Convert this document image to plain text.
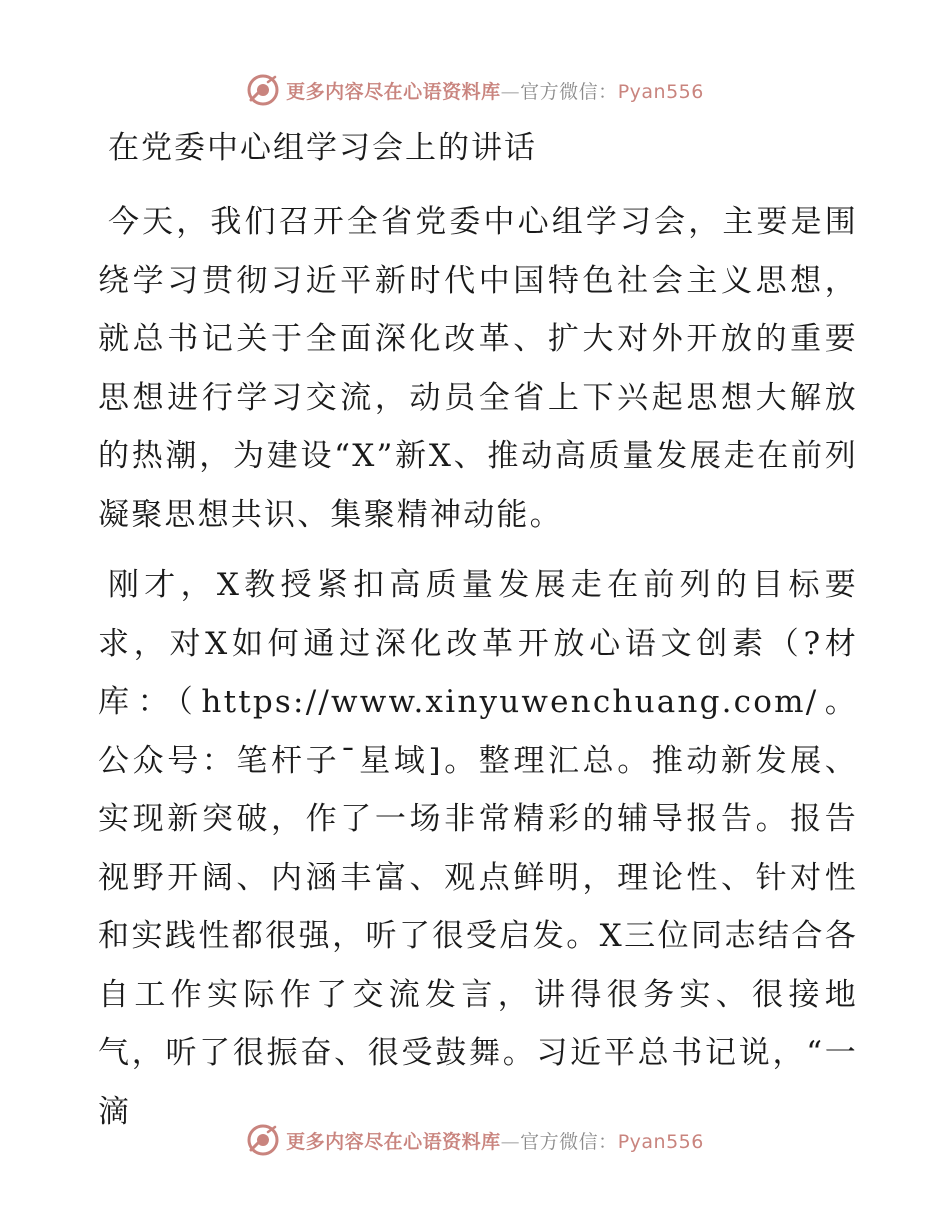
更多内容尽在心语资料库—官方微信：Pyan556
在党委中心组学习会上的讲话

今天，我们召开全省党委中心组学习会，主要是围绕学习贯彻习近平新时代中国特色社会主义思想，就总书记关于全面深化改革、扩大对外开放的重要思想进行学习交流，动员全省上下兴起思想大解放的热潮，为建设“X”新X、推动高质量发展走在前列凝聚思想共识、集聚精神动能。

刚才，X教授紧扣高质量发展走在前列的目标要求，对X如何通过深化改革开放心语文创素（?材库：（https://www.xinyuwenchuang.com/。公众号：笔杆子¯星域]。整理汇总。推动新发展、实现新突破，作了一场非常精彩的辅导报告。报告视野开阔、内涵丰富、观点鲜明，理论性、针对性和实践性都很强，听了很受启发。X三位同志结合各自工作实际作了交流发言，讲得很务实、很接地气，听了很振奋、很受鼓舞。习近平总书记说，“一滴

更多内容尽在心语资料库—官方微信：Pyan556
